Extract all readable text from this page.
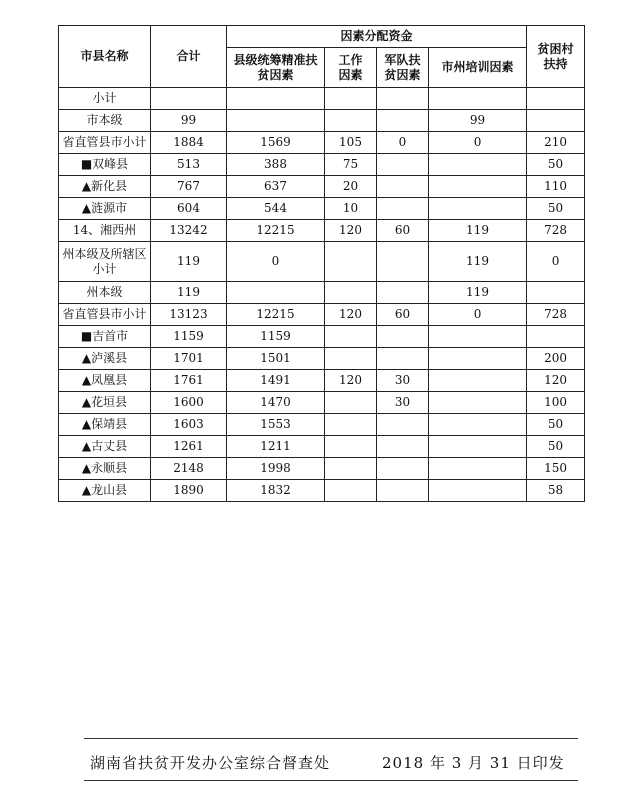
市县名称	合计	因素分配资金				贫困村扶持
		县级统筹精准扶贫因素	工作因素	军队扶贫因素	市州培训因素	
小计						
市本级	99				99	
省直管县市小计	1884	1569	105	0	0	210
■双峰县	513	388	75			50
▲新化县	767	637	20			110
▲涟源市	604	544	10			50
14、湘西州	13242	12215	120	60	119	728
州本级及所辖区小计	119	0			119	0
州本级	119				119	
省直管县市小计	13123	12215	120	60	0	728
■吉首市	1159	1159				
▲泸溪县	1701	1501				200
▲凤凰县	1761	1491	120	30		120
▲花垣县	1600	1470		30		100
▲保靖县	1603	1553				50
▲古丈县	1261	1211				50
▲永顺县	2148	1998				150
▲龙山县	1890	1832				58
湖南省扶贫开发办公室综合督查处	2018 年 3 月 31 日印发
